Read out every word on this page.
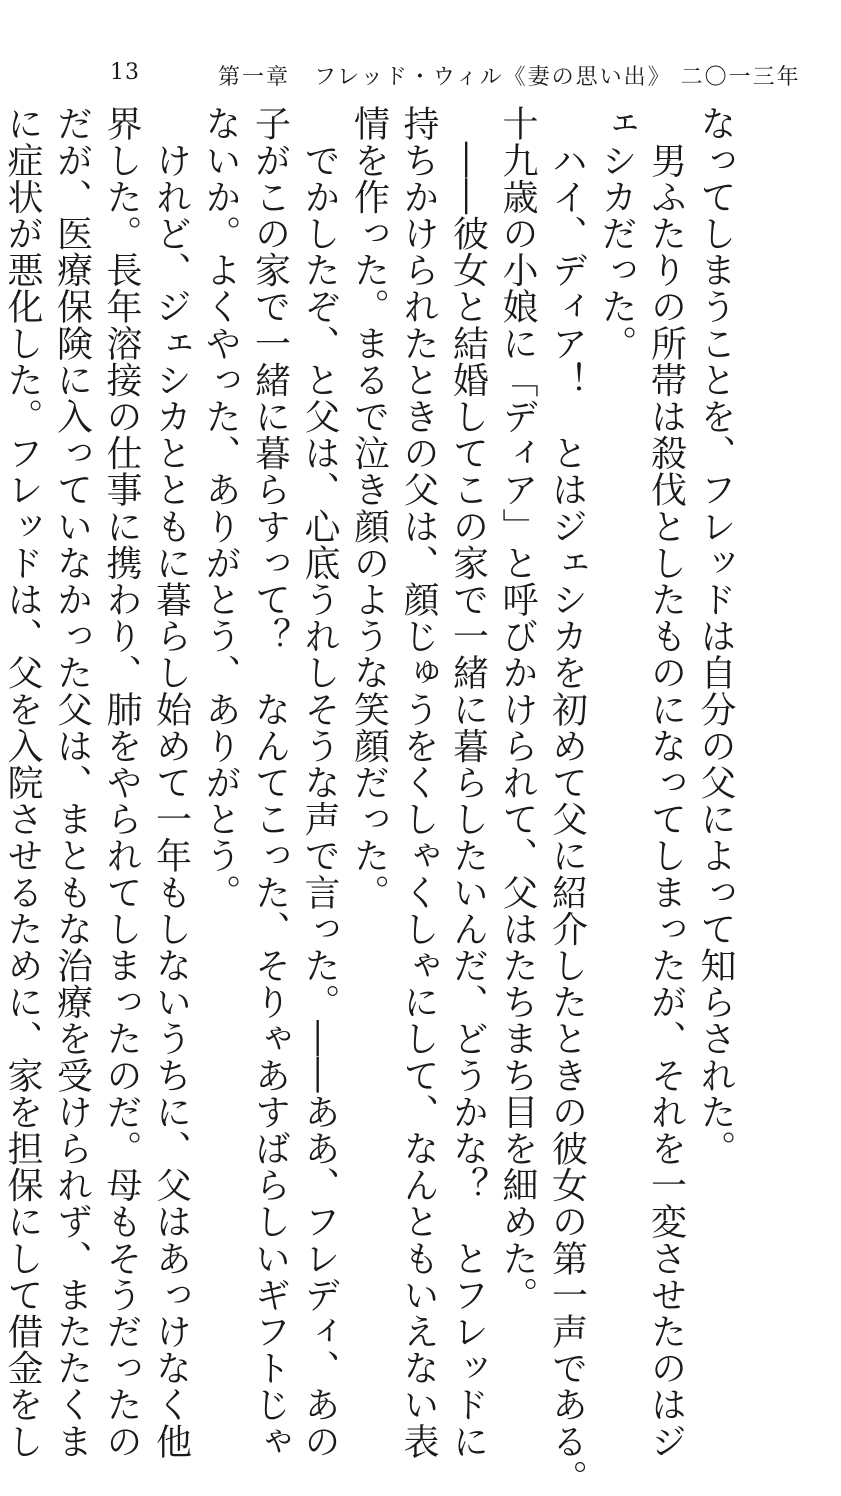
13	第一章　フレッド・ウィル《妻の思い出》 二〇一三年
なってしまうことを、フレッドは自分の父によって知らされた。
　男ふたりの所帯は殺伐としたものになってしまったが、それを一変させたのはジ
ェシカだった。
　ハイ、ディア！　とはジェシカを初めて父に紹介したときの彼女の第一声である。
十九歳の小娘に「ディア」と呼びかけられて、父はたちまち目を細めた。
　――彼女と結婚してこの家で一緒に暮らしたいんだ、どうかな？　とフレッドに
持ちかけられたときの父は、顔じゅうをくしゃくしゃにして、なんともいえない表
情を作った。まるで泣き顔のような笑顔だった。
　でかしたぞ、と父は、心底うれしそうな声で言った。――ああ、フレディ、あの
子がこの家で一緒に暮らすって？　なんてこった、そりゃあすばらしいギフトじゃ
ないか。よくやった、ありがとう、ありがとう。
　けれど、ジェシカとともに暮らし始めて一年もしないうちに、父はあっけなく他
界した。長年溶接の仕事に携わり、肺をやられてしまったのだ。母もそうだったの
だが、医療保険に入っていなかった父は、まともな治療を受けられず、またたくま
に症状が悪化した。フレッドは、父を入院させるために、家を担保にして借金をし
